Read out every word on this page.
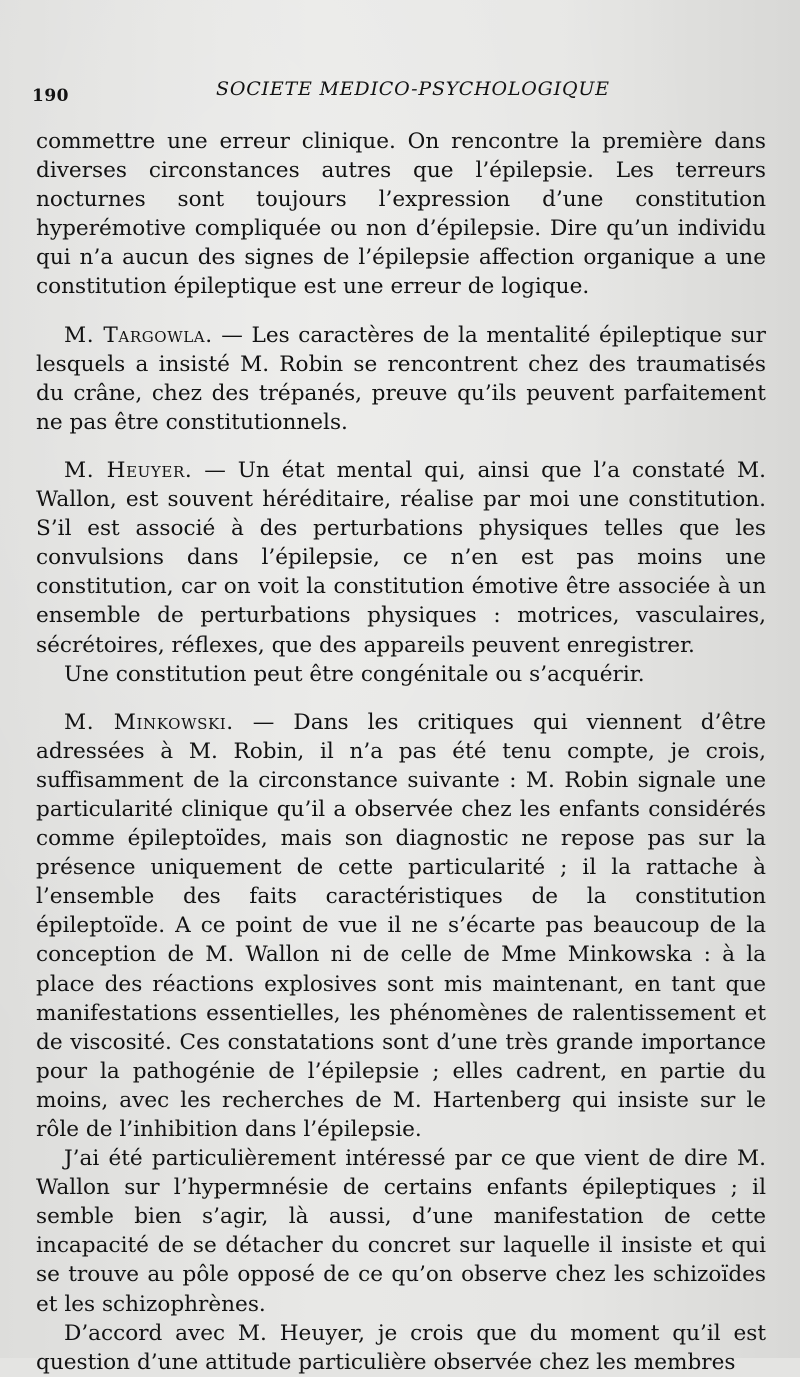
190	SOCIETE MEDICO-PSYCHOLOGIQUE

commettre une erreur clinique. On rencontre la première dans diverses circonstances autres que l’épilepsie. Les terreurs nocturnes sont toujours l’expression d’une constitution hyperémotive compliquée ou non d’épilepsie. Dire qu’un individu qui n’a aucun des signes de l’épilepsie affection organique a une constitution épileptique est une erreur de logique.

M. Targowla. — Les caractères de la mentalité épileptique sur lesquels a insisté M. Robin se rencontrent chez des traumatisés du crâne, chez des trépanés, preuve qu’ils peuvent parfaitement ne pas être constitutionnels.

M. Heuyer. — Un état mental qui, ainsi que l’a constaté M. Wallon, est souvent héréditaire, réalise par moi une constitution. S’il est associé à des perturbations physiques telles que les convulsions dans l’épilepsie, ce n’en est pas moins une constitution, car on voit la constitution émotive être associée à un ensemble de perturbations physiques : motrices, vasculaires, sécrétoires, réflexes, que des appareils peuvent enregistrer.

Une constitution peut être congénitale ou s’acquérir.

M. Minkowski. — Dans les critiques qui viennent d’être adressées à M. Robin, il n’a pas été tenu compte, je crois, suffisamment de la circonstance suivante : M. Robin signale une particularité clinique qu’il a observée chez les enfants considérés comme épileptoïdes, mais son diagnostic ne repose pas sur la présence uniquement de cette particularité ; il la rattache à l’ensemble des faits caractéristiques de la constitution épileptoïde. A ce point de vue il ne s’écarte pas beaucoup de la conception de M. Wallon ni de celle de Mme Minkowska : à la place des réactions explosives sont mis maintenant, en tant que manifestations essentielles, les phénomènes de ralentissement et de viscosité. Ces constatations sont d’une très grande importance pour la pathogénie de l’épilepsie ; elles cadrent, en partie du moins, avec les recherches de M. Hartenberg qui insiste sur le rôle de l’inhibition dans l’épilepsie.

J’ai été particulièrement intéressé par ce que vient de dire M. Wallon sur l’hypermnésie de certains enfants épileptiques ; il semble bien s’agir, là aussi, d’une manifestation de cette incapacité de se détacher du concret sur laquelle il insiste et qui se trouve au pôle opposé de ce qu’on observe chez les schizoïdes et les schizophrènes.

D’accord avec M. Heuyer, je crois que du moment qu’il est question d’une attitude particulière observée chez les membres
